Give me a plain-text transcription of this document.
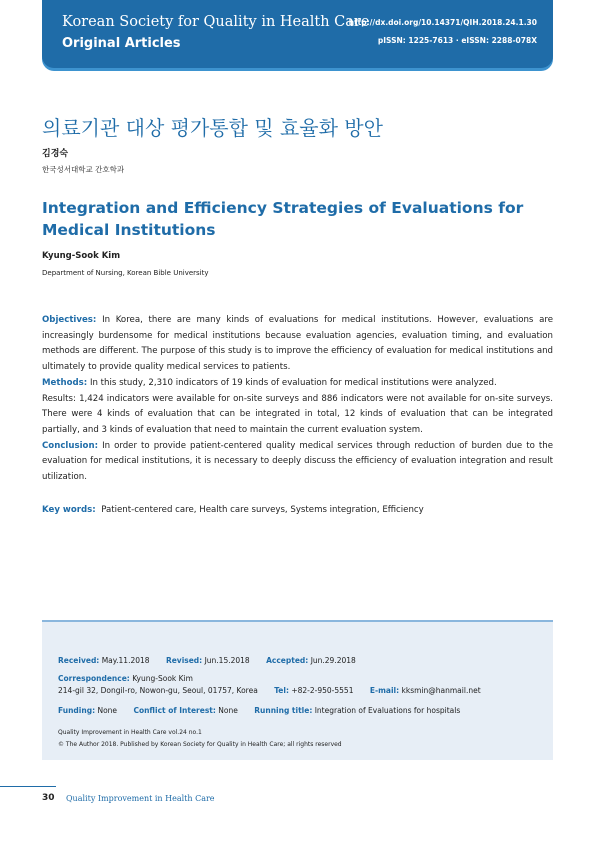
Korean Society for Quality in Health Care
Original Articles
http://dx.doi.org/10.14371/QIH.2018.24.1.30
pISSN: 1225-7613 · eISSN: 2288-078X
의료기관 대상 평가통합 및 효율화 방안
김경숙
한국성서대학교 간호학과
Integration and Efficiency Strategies of Evaluations for Medical Institutions
Kyung-Sook Kim
Department of Nursing, Korean Bible University

Objectives: In Korea, there are many kinds of evaluations for medical institutions. However, evaluations are increasingly burdensome for medical institutions because evaluation agencies, evaluation timing, and evaluation methods are different. The purpose of this study is to improve the efficiency of evaluation for medical institutions and ultimately to provide quality medical services to patients.

Methods: In this study, 2,310 indicators of 19 kinds of evaluation for medical institutions were analyzed.

Results: 1,424 indicators were available for on-site surveys and 886 indicators were not available for on-site surveys. There were 4 kinds of evaluation that can be integrated in total, 12 kinds of evaluation that can be integrated partially, and 3 kinds of evaluation that need to maintain the current evaluation system.

Conclusion: In order to provide patient-centered quality medical services through reduction of burden due to the evaluation for medical institutions, it is necessary to deeply discuss the efficiency of evaluation integration and result utilization.

Key words: Patient-centered care, Health care surveys, Systems integration, Efficiency
Received: May.11.2018 Revised: Jun.15.2018 Accepted: Jun.29.2018
Correspondence: Kyung-Sook Kim
214-gil 32, Dongil-ro, Nowon-gu, Seoul, 01757, Korea Tel: +82-2-950-5551 E-mail: kksmin@hanmail.net
Funding: None Conflict of Interest: None Running title: Integration of Evaluations for hospitals
Quality Improvement in Health Care vol.24 no.1
© The Author 2018. Published by Korean Society for Quality in Health Care; all rights reserved
30 Quality Improvement in Health Care
